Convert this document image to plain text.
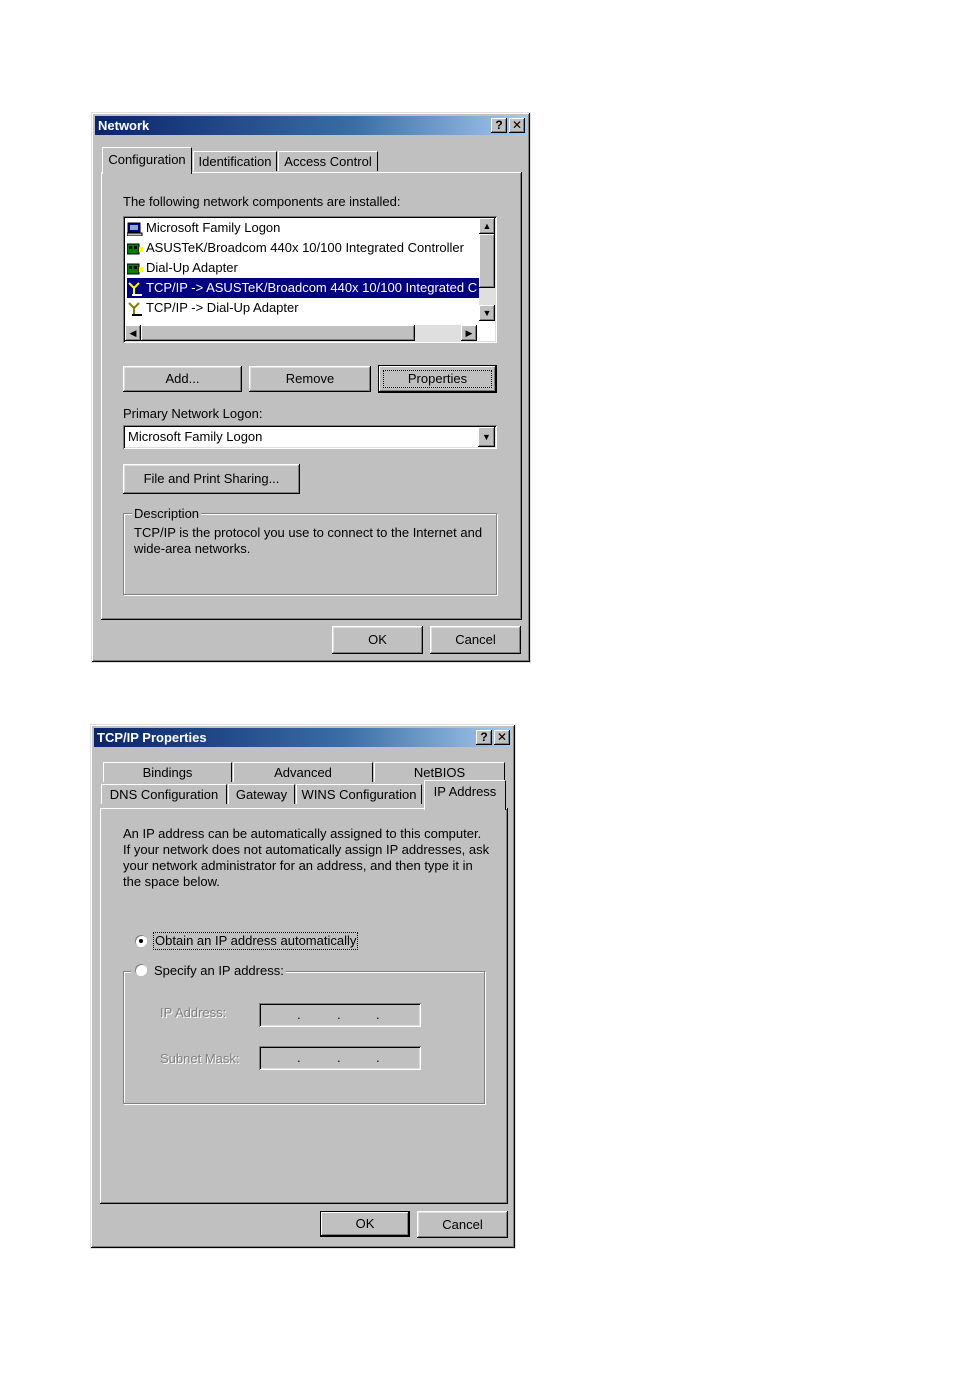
Network	? ✕
Configuration Identification Access Control
The following network components are installed:
Microsoft Family Logon
ASUSTeK/Broadcom 440x 10/100 Integrated Controller
Dial-Up Adapter
TCP/IP -> ASUSTeK/Broadcom 440x 10/100 Integrated C
TCP/IP -> Dial-Up Adapter
▲
▼
◀	▶
Add...	Remove	Properties
Primary Network Logon:
Microsoft Family Logon	▼
File and Print Sharing...
Description
TCP/IP is the protocol you use to connect to the Internet and
wide-area networks.
OK	Cancel
TCP/IP Properties	? ✕
Bindings	Advanced	NetBIOS
DNS Configuration	Gateway	WINS Configuration	IP Address
An IP address can be automatically assigned to this computer.
If your network does not automatically assign IP addresses, ask
your network administrator for an address, and then type it in
the space below.
Obtain an IP address automatically
Specify an IP address:
IP Address:	.	.	.
Subnet Mask:	.	.	.
OK	Cancel
